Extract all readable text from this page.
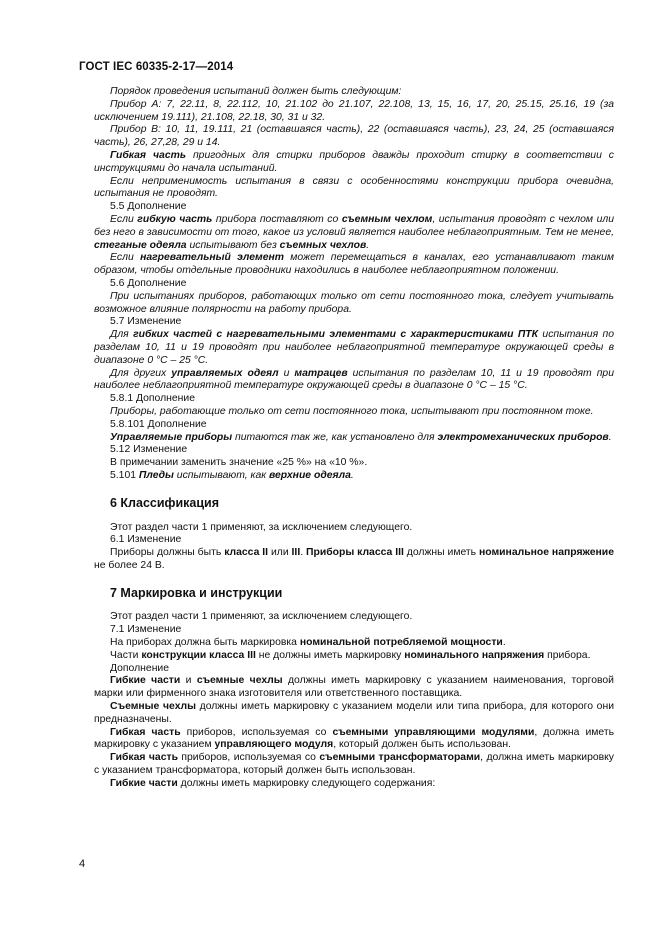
ГОСТ IEC 60335-2-17—2014

Порядок проведения испытаний должен быть следующим:

Прибор А: 7, 22.11, 8, 22.112, 10, 21.102 до 21.107, 22.108, 13, 15, 16, 17, 20, 25.15, 25.16, 19 (за исключением 19.111), 21.108, 22.18, 30, 31 и 32.

Прибор В: 10, 11, 19.111, 21 (оставшаяся часть), 22 (оставшаяся часть), 23, 24, 25 (оставшаяся часть), 26, 27,28, 29 и 14.

Гибкая часть пригодных для стирки приборов дважды проходит стирку в соответствии с инструкциями до начала испытаний.

Если неприменимость испытания в связи с особенностями конструкции прибора очевидна, испытания не проводят.

5.5 Дополнение

Если гибкую часть прибора поставляют со съемным чехлом, испытания проводят с чехлом или без него в зависимости от того, какое из условий является наиболее неблагоприятным. Тем не менее, стеганые одеяла испытывают без съемных чехлов.

Если нагревательный элемент может перемещаться в каналах, его устанавливают таким образом, чтобы отдельные проводники находились в наиболее неблагоприятном положении.

5.6 Дополнение

При испытаниях приборов, работающих только от сети постоянного тока, следует учитывать возможное влияние полярности на работу прибора.

5.7 Изменение

Для гибких частей с нагревательными элементами с характеристиками ПТК испытания по разделам 10, 11 и 19 проводят при наиболее неблагоприятной температуре окружающей среды в диапазоне 0 °С – 25 °С.

Для других управляемых одеял и матрацев испытания по разделам 10, 11 и 19 проводят при наиболее неблагоприятной температуре окружающей среды в диапазоне 0 °С – 15 °С.

5.8.1 Дополнение

Приборы, работающие только от сети постоянного тока, испытывают при постоянном токе.

5.8.101 Дополнение

Управляемые приборы питаются так же, как установлено для электромеханических приборов.

5.12 Изменение

В примечании заменить значение «25 %» на «10 %».

5.101 Пледы испытывают, как верхние одеяла.

6 Классификация

Этот раздел части 1 применяют, за исключением следующего.

6.1 Изменение

Приборы должны быть класса II или III. Приборы класса III должны иметь номинальное напряжение не более 24 В.

7 Маркировка и инструкции

Этот раздел части 1 применяют, за исключением следующего.

7.1 Изменение

На приборах должна быть маркировка номинальной потребляемой мощности.

Части конструкции класса III не должны иметь маркировку номинального напряжения прибора.

Дополнение

Гибкие части и съемные чехлы должны иметь маркировку с указанием наименования, торговой марки или фирменного знака изготовителя или ответственного поставщика.

Съемные чехлы должны иметь маркировку с указанием модели или типа прибора, для которого они предназначены.

Гибкая часть приборов, используемая со съемными управляющими модулями, должна иметь маркировку с указанием управляющего модуля, который должен быть использован.

Гибкая часть приборов, используемая со съемными трансформаторами, должна иметь маркировку с указанием трансформатора, который должен быть использован.

Гибкие части должны иметь маркировку следующего содержания:

4
